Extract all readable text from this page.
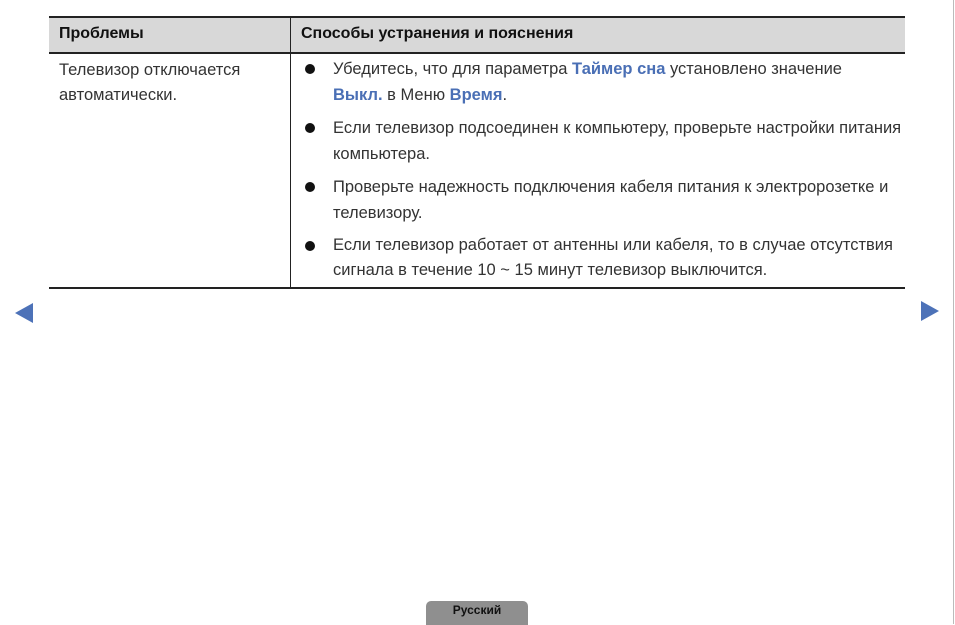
Проблемы	Способы устранения и пояснения
Телевизор отключается автоматически.
Убедитесь, что для параметра Таймер сна установлено значение
Выкл. в Меню Время.
Если телевизор подсоединен к компьютеру, проверьте настройки питания компьютера.
Проверьте надежность подключения кабеля питания к электророзетке и телевизору.
Если телевизор работает от антенны или кабеля, то в случае отсутствия сигнала в течение 10 ~ 15 минут телевизор выключится.
Русский
